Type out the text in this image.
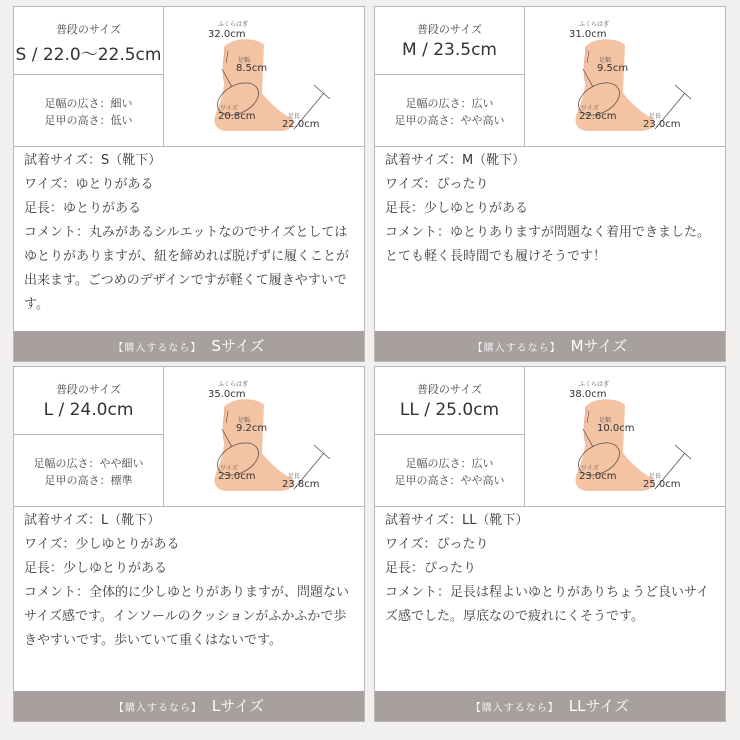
普段のサイズ
S / 22.0～22.5cm
足幅の広さ：細い
足甲の高さ：低い
ふくらはぎ
32.0cm
足幅
8.5cm
ワイズ
20.8cm	足長
22.0cm
試着サイズ：S（靴下）
ワイズ：ゆとりがある
足長：ゆとりがある
コメント：丸みがあるシルエットなのでサイズとしてはゆとりがありますが、紐を締めれば脱げずに履くことが出来ます。ごつめのデザインですが軽くて履きやすいです。
【購入するなら】 Sサイズ
普段のサイズ
M / 23.5cm
足幅の広さ：広い
足甲の高さ：やや高い
ふくらはぎ
31.0cm
足幅
9.5cm
ワイズ
22.6cm	足長
23.0cm
試着サイズ：M（靴下）
ワイズ：ぴったり
足長：少しゆとりがある
コメント：ゆとりありますが問題なく着用できました。とても軽く長時間でも履けそうです！
【購入するなら】 Mサイズ
普段のサイズ
L / 24.0cm
足幅の広さ：やや細い
足甲の高さ：標準
ふくらはぎ
35.0cm
足幅
9.2cm
ワイズ
23.0cm	足長
23.8cm
試着サイズ：L（靴下）
ワイズ：少しゆとりがある
足長：少しゆとりがある
コメント：全体的に少しゆとりがありますが、問題ないサイズ感です。インソールのクッションがふかふかで歩きやすいです。歩いていて重くはないです。
【購入するなら】 Lサイズ
普段のサイズ
LL / 25.0cm
足幅の広さ：広い
足甲の高さ：やや高い
ふくらはぎ
38.0cm
足幅
10.0cm
ワイズ
23.0cm	足長
25.0cm
試着サイズ：LL（靴下）
ワイズ：ぴったり
足長：ぴったり
コメント：足長は程よいゆとりがありちょうど良いサイズ感でした。厚底なので疲れにくそうです。
【購入するなら】 LLサイズ
